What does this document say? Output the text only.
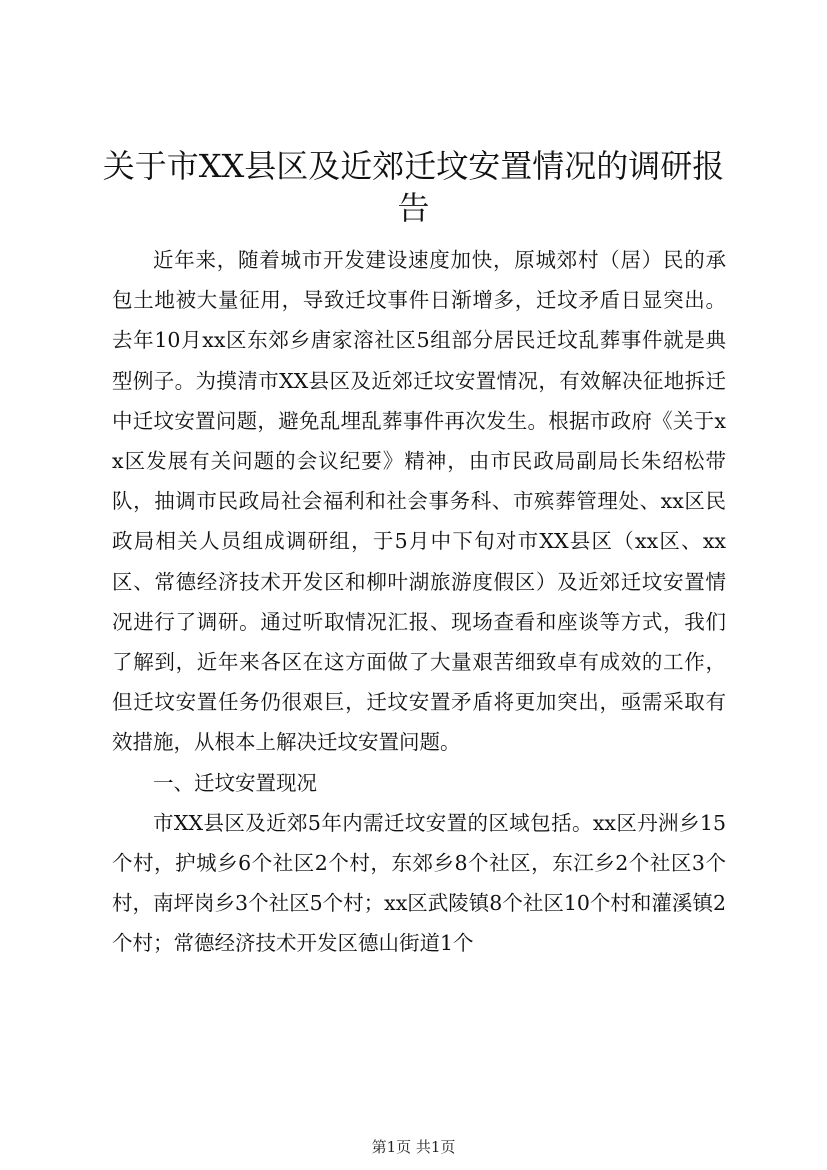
关于市XX县区及近郊迁坟安置情况的调研报告

近年来，随着城市开发建设速度加快，原城郊村（居）民的承包土地被大量征用，导致迁坟事件日渐增多，迁坟矛盾日显突出。去年10月xx区东郊乡唐家溶社区5组部分居民迁坟乱葬事件就是典型例子。为摸清市XX县区及近郊迁坟安置情况，有效解决征地拆迁中迁坟安置问题，避免乱埋乱葬事件再次发生。根据市政府《关于xx区发展有关问题的会议纪要》精神，由市民政局副局长朱绍松带队，抽调市民政局社会福利和社会事务科、市殡葬管理处、xx区民政局相关人员组成调研组，于5月中下旬对市XX县区（xx区、xx区、常德经济技术开发区和柳叶湖旅游度假区）及近郊迁坟安置情况进行了调研。通过听取情况汇报、现场查看和座谈等方式，我们了解到，近年来各区在这方面做了大量艰苦细致卓有成效的工作，但迁坟安置任务仍很艰巨，迁坟安置矛盾将更加突出，亟需采取有效措施，从根本上解决迁坟安置问题。

一、迁坟安置现况

市XX县区及近郊5年内需迁坟安置的区域包括。xx区丹洲乡15个村，护城乡6个社区2个村，东郊乡8个社区，东江乡2个社区3个村，南坪岗乡3个社区5个村；xx区武陵镇8个社区10个村和灌溪镇2个村；常德经济技术开发区德山街道1个

第1页 共1页
